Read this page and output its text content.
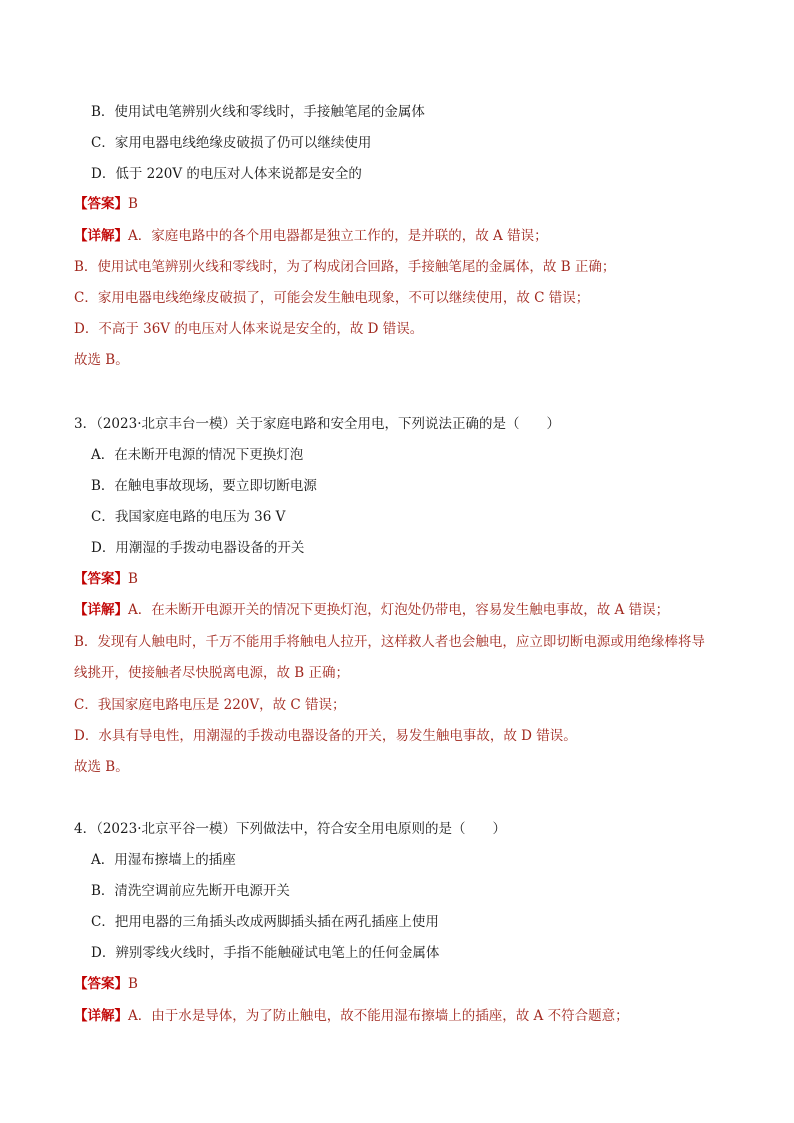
B．使用试电笔辨别火线和零线时，手接触笔尾的金属体
C．家用电器电线绝缘皮破损了仍可以继续使用
D．低于 220V 的电压对人体来说都是安全的
【答案】B
【详解】A．家庭电路中的各个用电器都是独立工作的，是并联的，故 A 错误；
B．使用试电笔辨别火线和零线时，为了构成闭合回路，手接触笔尾的金属体，故 B 正确；
C．家用电器电线绝缘皮破损了，可能会发生触电现象，不可以继续使用，故 C 错误；
D．不高于 36V 的电压对人体来说是安全的，故 D 错误。
故选 B。
3．（2023·北京丰台一模）关于家庭电路和安全用电，下列说法正确的是（　　）
A．在未断开电源的情况下更换灯泡
B．在触电事故现场，要立即切断电源
C．我国家庭电路的电压为 36 V
D．用潮湿的手拨动电器设备的开关
【答案】B
【详解】A．在未断开电源开关的情况下更换灯泡，灯泡处仍带电，容易发生触电事故，故 A 错误；
B．发现有人触电时，千万不能用手将触电人拉开，这样救人者也会触电，应立即切断电源或用绝缘棒将导
线挑开，使接触者尽快脱离电源，故 B 正确；
C．我国家庭电路电压是 220V，故 C 错误；
D．水具有导电性，用潮湿的手拨动电器设备的开关，易发生触电事故，故 D 错误。
故选 B。
4．（2023·北京平谷一模）下列做法中，符合安全用电原则的是（　　）
A．用湿布擦墙上的插座
B．清洗空调前应先断开电源开关
C．把用电器的三角插头改成两脚插头插在两孔插座上使用
D．辨别零线火线时，手指不能触碰试电笔上的任何金属体
【答案】B
【详解】A．由于水是导体，为了防止触电，故不能用湿布擦墙上的插座，故 A 不符合题意；
